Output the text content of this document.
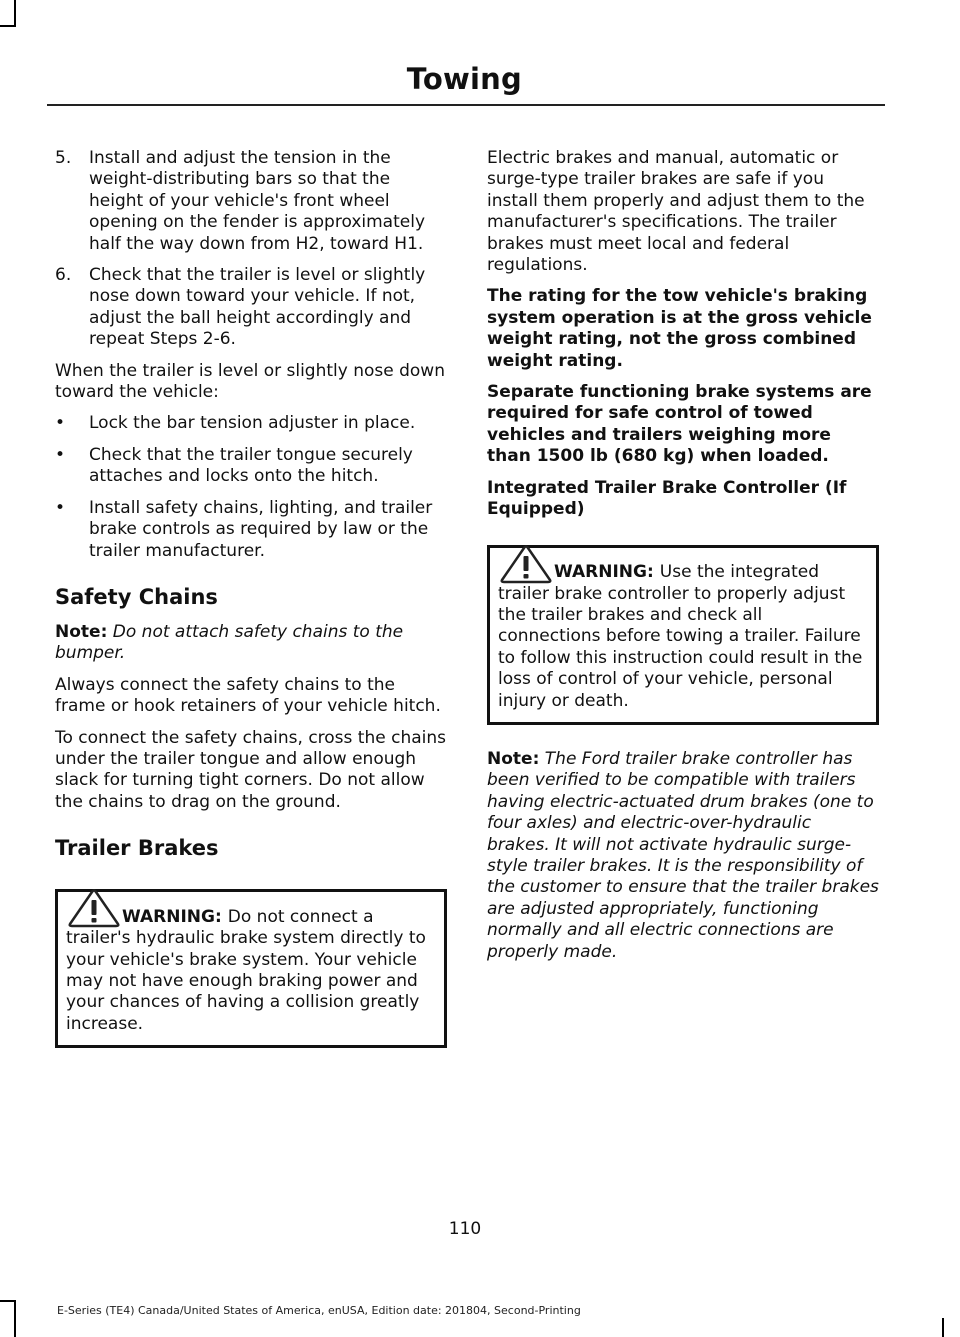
Towing
5.	Install and adjust the tension in the weight-distributing bars so that the height of your vehicle's front wheel opening on the fender is approximately half the way down from H2, toward H1.
6.	Check that the trailer is level or slightly nose down toward your vehicle. If not, adjust the ball height accordingly and repeat Steps 2-6.

When the trailer is level or slightly nose down toward the vehicle:

•	Lock the bar tension adjuster in place.
•	Check that the trailer tongue securely attaches and locks onto the hitch.
•	Install safety chains, lighting, and trailer brake controls as required by law or the trailer manufacturer.
Safety Chains

Note: Do not attach safety chains to the bumper.

Always connect the safety chains to the frame or hook retainers of your vehicle hitch.

To connect the safety chains, cross the chains under the trailer tongue and allow enough slack for turning tight corners. Do not allow the chains to drag on the ground.

Trailer Brakes
WARNING: Do not connect a
trailer's hydraulic brake system directly to your vehicle's brake system. Your vehicle may not have enough braking power and your chances of having a collision greatly increase.

Electric brakes and manual, automatic or surge-type trailer brakes are safe if you install them properly and adjust them to the manufacturer's specifications. The trailer brakes must meet local and federal regulations.

The rating for the tow vehicle's braking system operation is at the gross vehicle weight rating, not the gross combined weight rating.

Separate functioning brake systems are required for safe control of towed vehicles and trailers weighing more than 1500 lb (680 kg) when loaded.

Integrated Trailer Brake Controller (If Equipped)
WARNING: Use the integrated
trailer brake controller to properly adjust the trailer brakes and check all connections before towing a trailer. Failure to follow this instruction could result in the loss of control of your vehicle, personal injury or death.

Note: The Ford trailer brake controller has been verified to be compatible with trailers having electric-actuated drum brakes (one to four axles) and electric-over-hydraulic brakes. It will not activate hydraulic surge-style trailer brakes. It is the responsibility of the customer to ensure that the trailer brakes are adjusted appropriately, functioning normally and all electric connections are properly made.

110
E-Series (TE4) Canada/United States of America, enUSA, Edition date: 201804, Second-Printing
